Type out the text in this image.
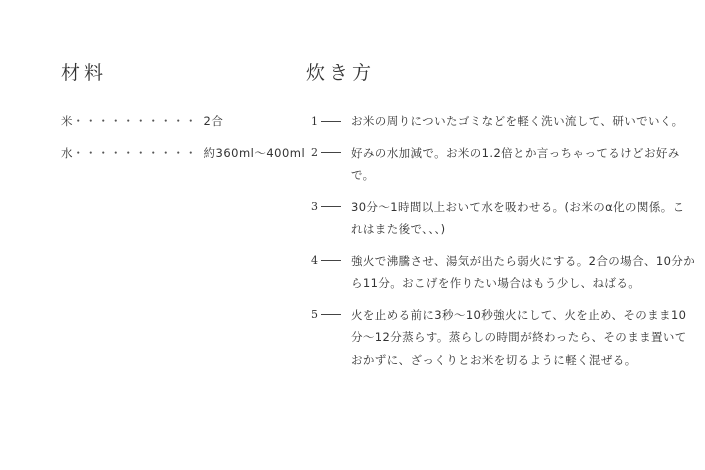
材料	炊き方
米 ・・・・・・・・・・ 2合
水 ・・・・・・・・・・ 約360ml〜400ml
1	お米の周りについたゴミなどを軽く洗い流して、研いでいく。

2	好みの水加減で。お米の1.2倍とか言っちゃってるけどお好みで。

3	30分〜1時間以上おいて水を吸わせる。(お米のα化の関係。これはまた後で、、、)

4	強火で沸騰させ、湯気が出たら弱火にする。2合の場合、10分から11分。おこげを作りたい場合はもう少し、ねばる。

5	火を止める前に3秒〜10秒強火にして、火を止め、そのまま10分〜12分蒸らす。蒸らしの時間が終わったら、そのまま置いておかずに、ざっくりとお米を切るように軽く混ぜる。
